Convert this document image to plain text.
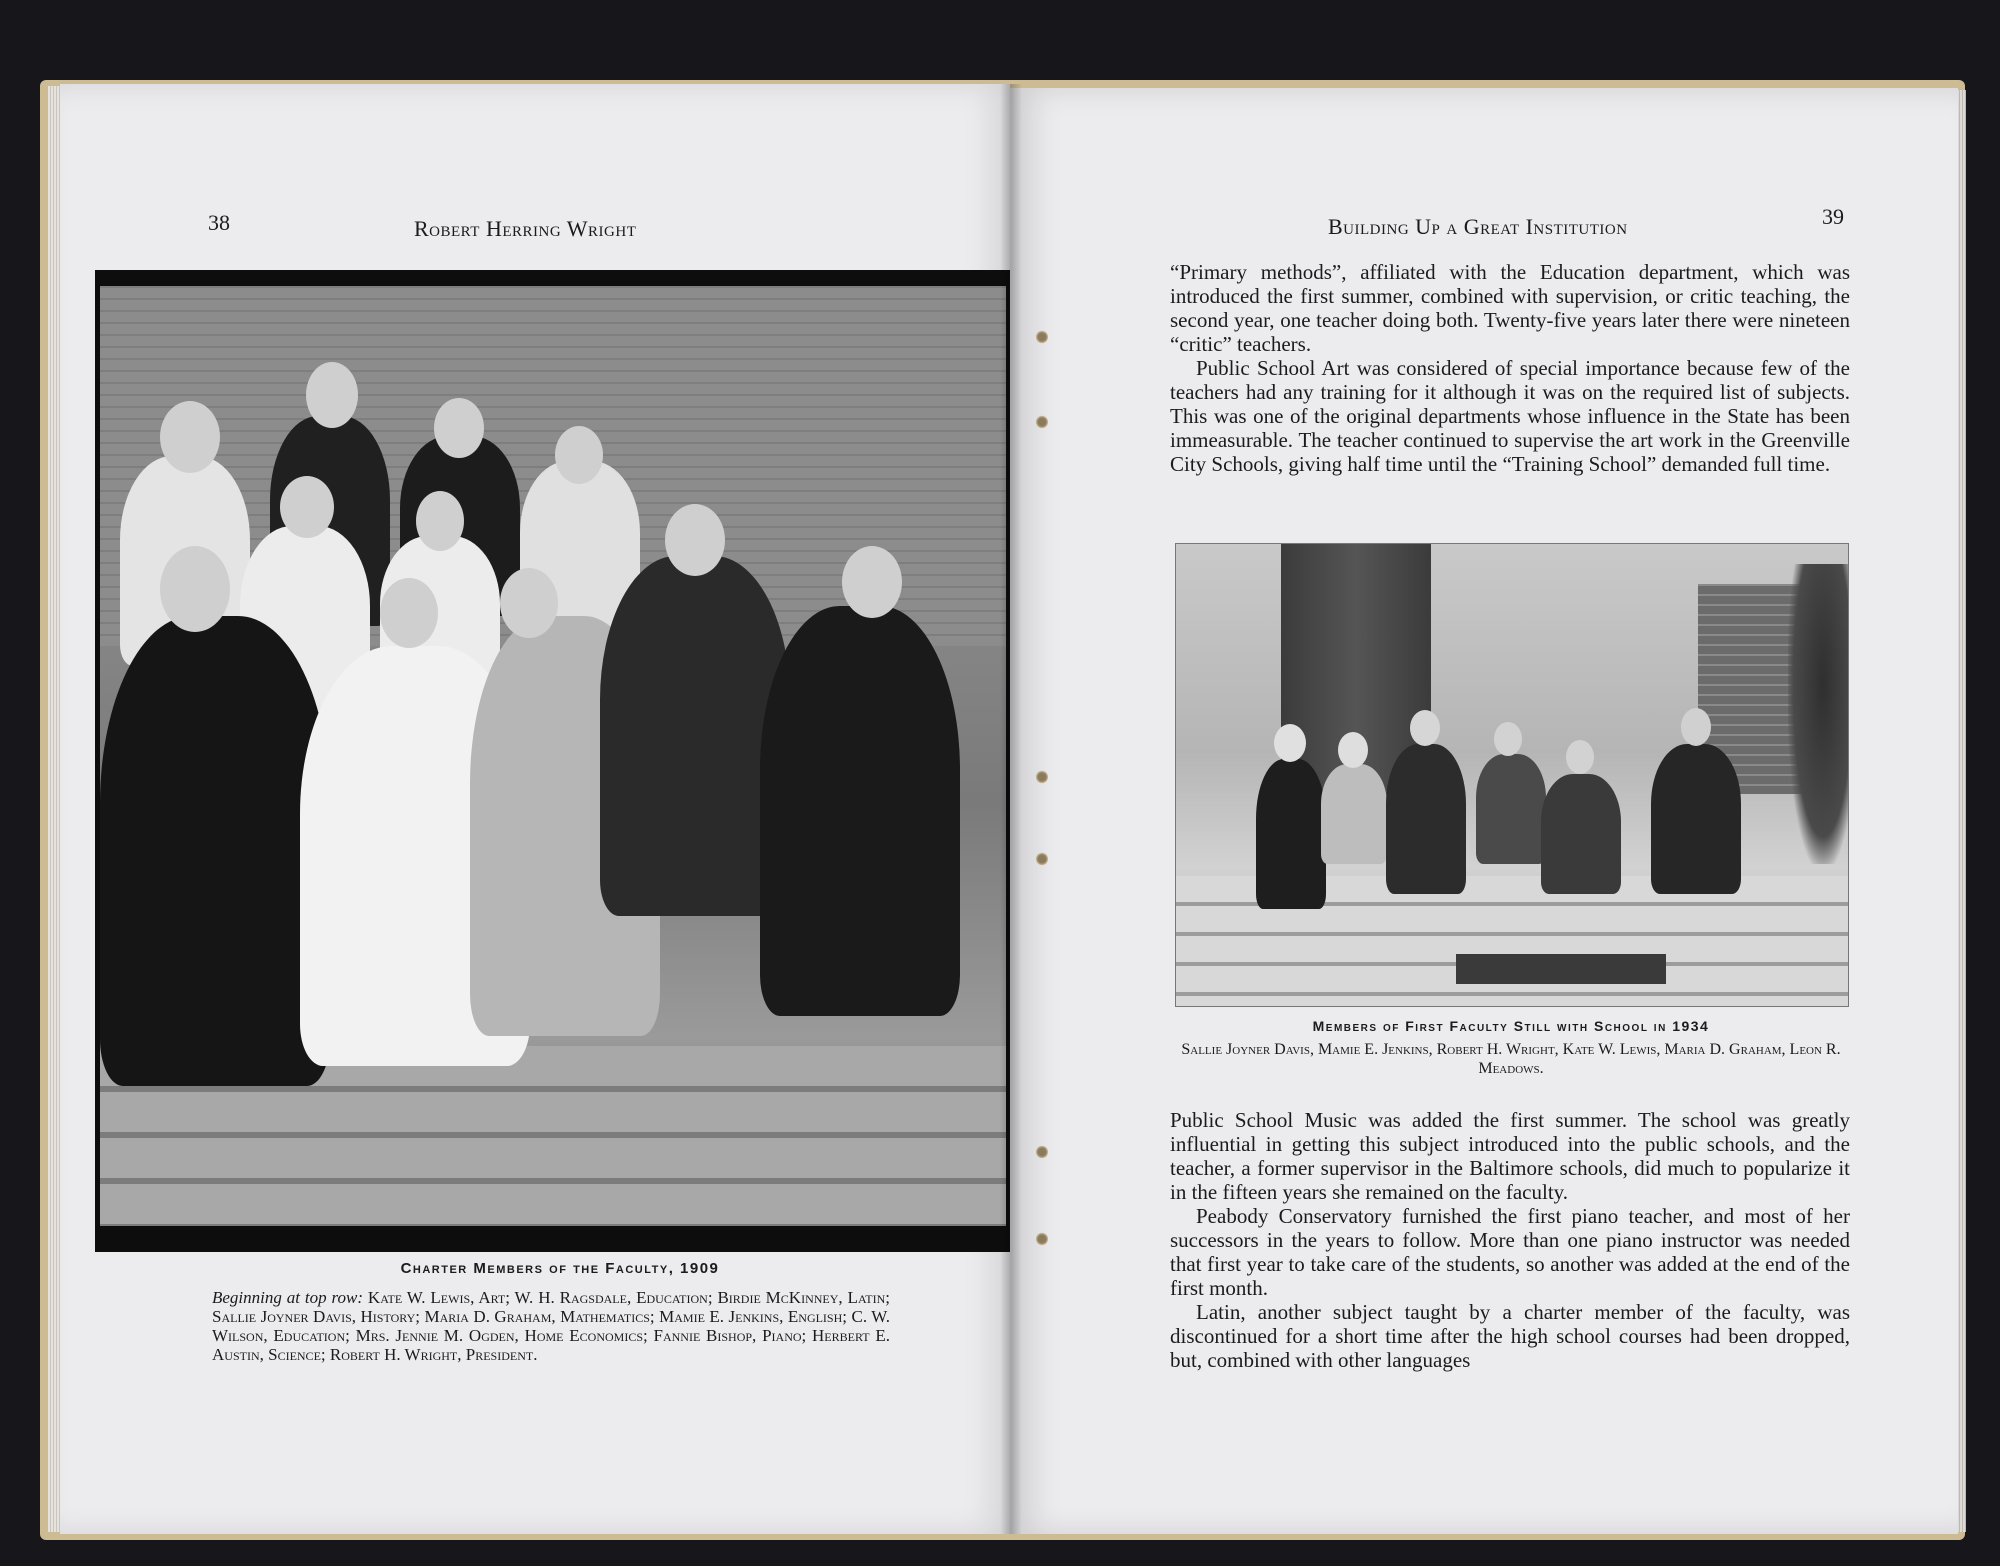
38	Robert Herring Wright
Charter Members of the Faculty, 1909
Beginning at top row: Kate W. Lewis, Art; W. H. Ragsdale, Education; Birdie McKinney, Latin; Sallie Joyner Davis, History; Maria D. Graham, Mathematics; Mamie E. Jenkins, English; C. W. Wilson, Education; Mrs. Jennie M. Ogden, Home Economics; Fannie Bishop, Piano; Herbert E. Austin, Science; Robert H. Wright, President.
Building Up a Great Institution	39

“Primary methods”, affiliated with the Education department, which was introduced the first summer, combined with supervision, or critic teaching, the second year, one teacher doing both. Twenty-five years later there were nineteen “critic” teachers.

Public School Art was considered of special importance because few of the teachers had any training for it although it was on the required list of subjects. This was one of the original departments whose influence in the State has been immeasurable. The teacher continued to supervise the art work in the Greenville City Schools, giving half time until the “Training School” demanded full time.

Members of First Faculty Still with School in 1934
Sallie Joyner Davis, Mamie E. Jenkins, Robert H. Wright, Kate W. Lewis, Maria D. Graham, Leon R. Meadows.

Public School Music was added the first summer. The school was greatly influential in getting this subject introduced into the public schools, and the teacher, a former supervisor in the Baltimore schools, did much to popularize it in the fifteen years she remained on the faculty.

Peabody Conservatory furnished the first piano teacher, and most of her successors in the years to follow. More than one piano instructor was needed that first year to take care of the students, so another was added at the end of the first month.

Latin, another subject taught by a charter member of the faculty, was discontinued for a short time after the high school courses had been dropped, but, combined with other languages
